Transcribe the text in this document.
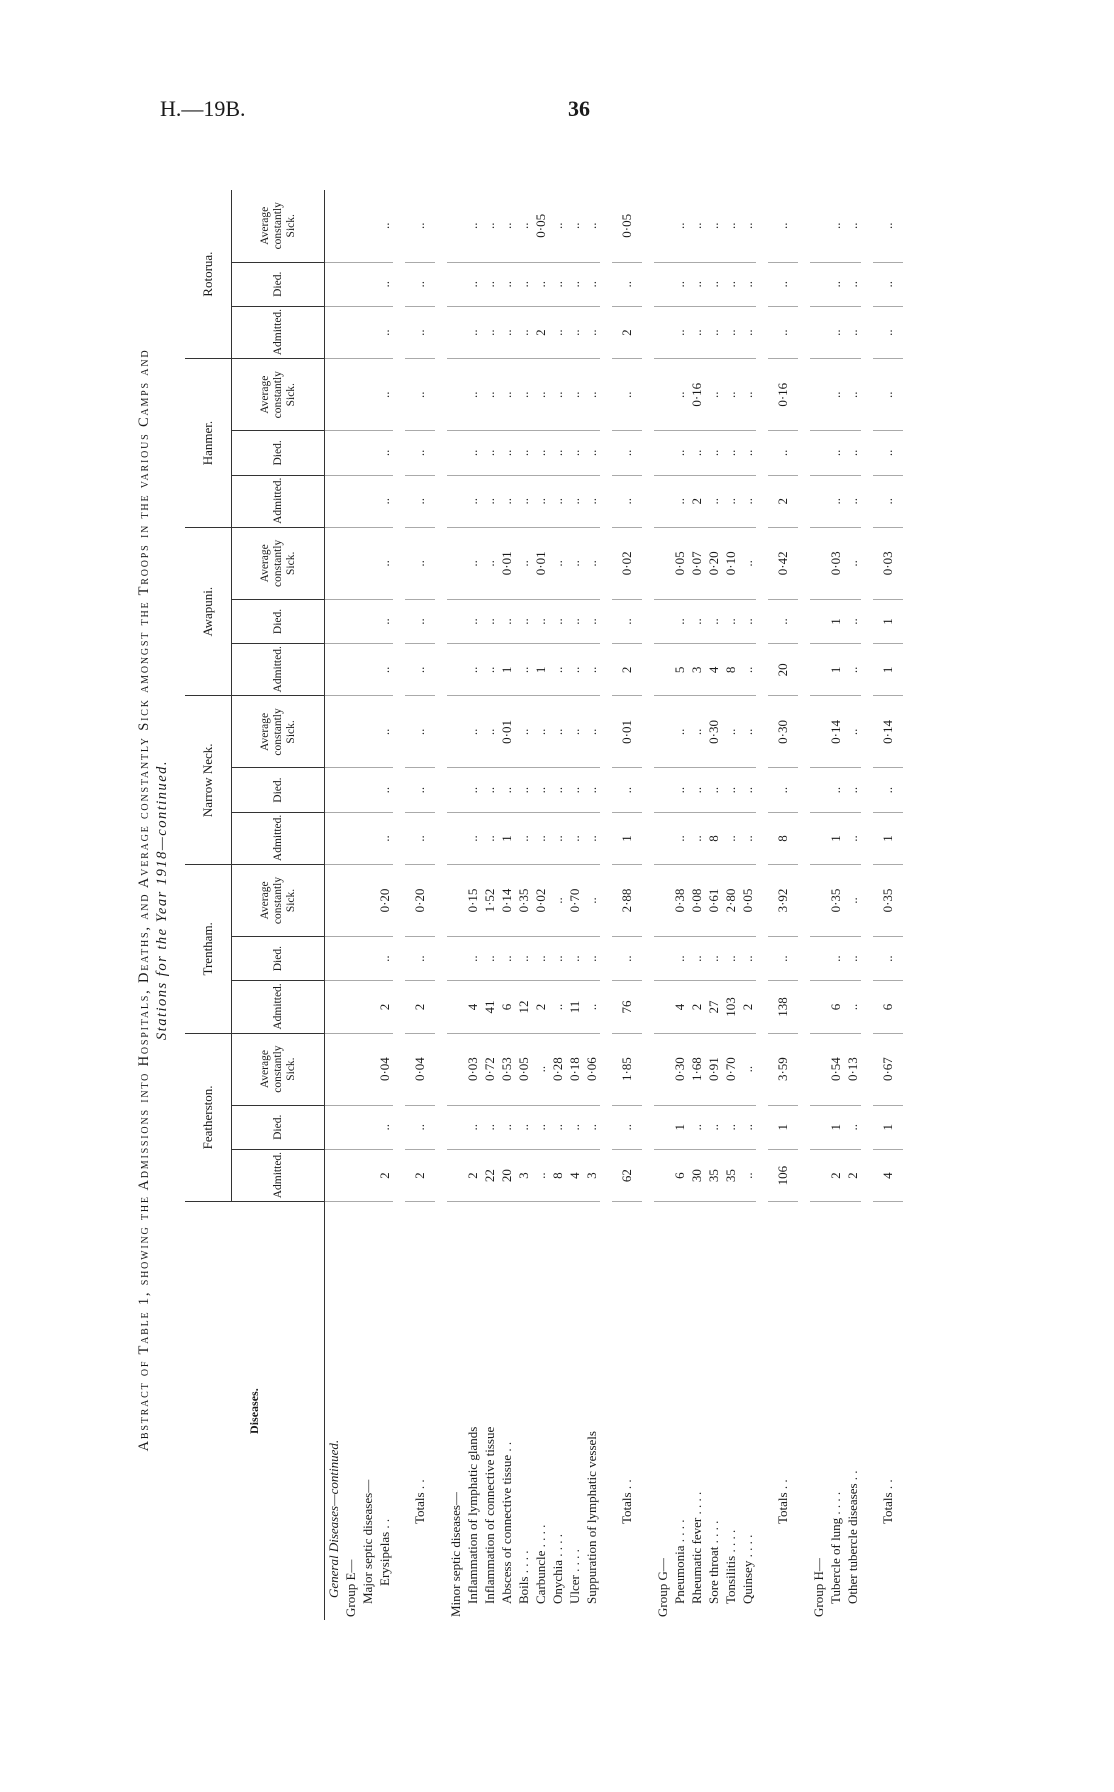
H.—19B.	36
Abstract of Table 1, showing the Admissions into Hospitals, Deaths, and Average constantly Sick amongst the Troops in the various Camps and Stations for the Year 1918—continued.
Diseases.	Featherston.			Trentham.			Narrow Neck.			Awapuni.			Hanmer.			Rotorua.		
	Admitted.	Died.	Average constantly Sick.	Admitted.	Died.	Average constantly Sick.	Admitted.	Died.	Average constantly Sick.	Admitted.	Died.	Average constantly Sick.	Admitted.	Died.	Average constantly Sick.	Admitted.	Died.	Average constantly Sick.
General Diseases—continued.																		
Group E—																		
Major septic diseases—																		
Erysipelas . .	2	..	0·04	2	..	0·20	..	..	..	..	..	..	..	..	..	..	..	..

Totals . .	2	..	0·04	2	..	0·20	..	..	..	..	..	..	..	..	..	..	..	..

Minor septic diseases—																		
Inflammation of lymphatic glands	2	..	0·03	4	..	0·15	..	..	..	..	..	..	..	..	..	..	..	..
Inflammation of connective tissue	22	..	0·72	41	..	1·52	..	..	..	..	..	..	..	..	..	..	..	..
Abscess of connective tissue . .	20	..	0·53	6	..	0·14	1	..	0·01	1	..	0·01	..	..	..	..	..	..
Boils . . . .	3	..	0·05	12	..	0·35	..	..	..	..	..	..	..	..	..	..	..	..
Carbuncle . . . .	..	..	..	2	..	0·02	..	..	..	1	..	0·01	..	..	..	2	..	0·05
Onychia . . . .	8	..	0·28	..	..	..	..	..	..	..	..	..	..	..	..	..	..	..
Ulcer . . . .	4	..	0·18	11	..	0·70	..	..	..	..	..	..	..	..	..	..	..	..
Suppuration of lymphatic vessels	3	..	0·06	..	..	..	..	..	..	..	..	..	..	..	..	..	..	..

Totals . .	62	..	1·85	76	..	2·88	1	..	0·01	2	..	0·02	..	..	..	2	..	0·05

Group G—																		
Pneumonia . . . .	6	1	0·30	4	..	0·38	..	..	..	5	..	0·05	..	..	..	..	..	..
Rheumatic fever . . . .	30	..	1·68	2	..	0·08	..	..	..	3	..	0·07	2	..	0·16	..	..	..
Sore throat . . . .	35	..	0·91	27	..	0·61	8	..	0·30	4	..	0·20	..	..	..	..	..	..
Tonsilitis . . . .	35	..	0·70	103	..	2·80	..	..	..	8	..	0·10	..	..	..	..	..	..
Quinsey . . . .	..	..	..	2	..	0·05	..	..	..	..	..	..	..	..	..	..	..	..

Totals . .	106	1	3·59	138	..	3·92	8	..	0·30	20	..	0·42	2	..	0·16	..	..	..

Group H—																		
Tubercle of lung . . . .	2	1	0·54	6	..	0·35	1	..	0·14	1	1	0·03	..	..	..	..	..	..
Other tubercle diseases . .	2	..	0·13	..	..	..	..	..	..	..	..	..	..	..	..	..	..	..

Totals . .	4	1	0·67	6	..	0·35	1	..	0·14	1	1	0·03	..	..	..	..	..	..
